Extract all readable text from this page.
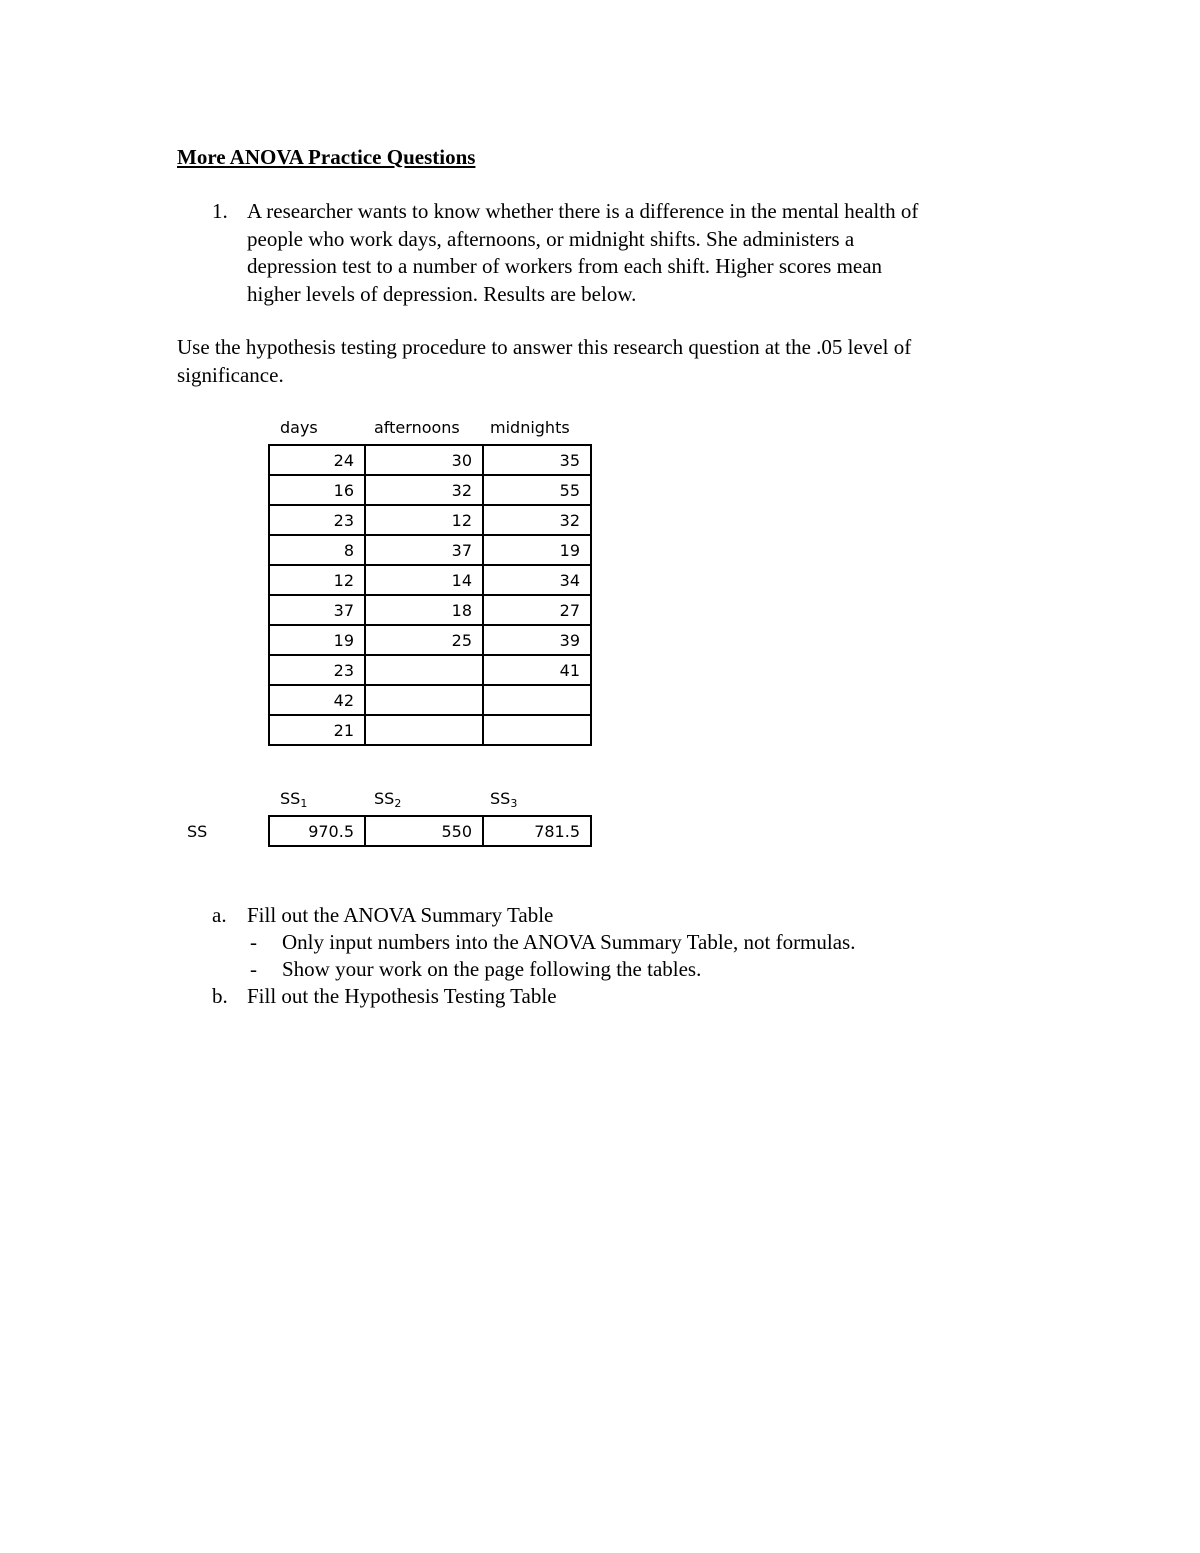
More ANOVA Practice Questions
1. A researcher wants to know whether there is a difference in the mental health of
people who work days, afternoons, or midnight shifts. She administers a
depression test to a number of workers from each shift. Higher scores mean
higher levels of depression. Results are below.
Use the hypothesis testing procedure to answer this research question at the .05 level of
significance.
days	afternoons midnights
24	30	35
16	32	55
23	12	32
8	37	19
12	14	34
37	18	27
19	25	39
23		41
42		
21		
$SS_1$	$SS_2$	$SS_3$
SS	970.5	550	781.5
a. Fill out the ANOVA Summary Table
- Only input numbers into the ANOVA Summary Table, not formulas.
- Show your work on the page following the tables.
b. Fill out the Hypothesis Testing Table
